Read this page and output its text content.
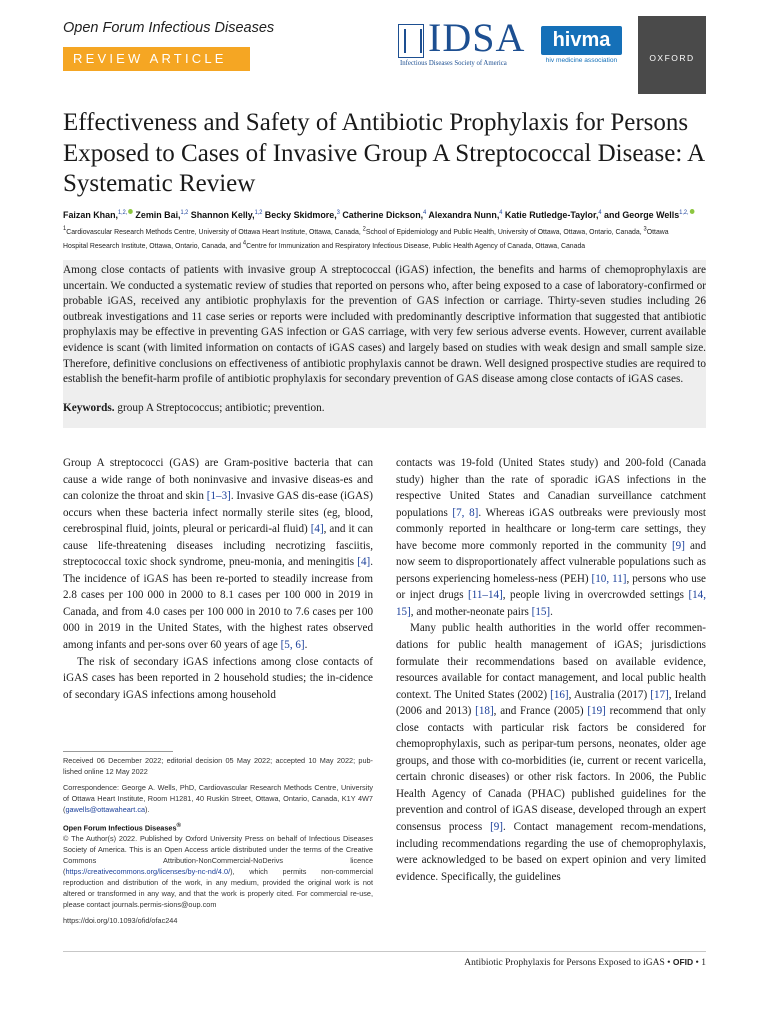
Open Forum Infectious Diseases
REVIEW ARTICLE	IDSA
Infectious Diseases Society of America
hivma
hiv medicine association	OXFORD
Effectiveness and Safety of Antibiotic Prophylaxis for Persons Exposed to Cases of Invasive Group A Streptococcal Disease: A Systematic Review
Faizan Khan,$^{1,2,}$ Zemin Bai,$^{1,2}$ Shannon Kelly,$^{1,2}$ Becky Skidmore,$^3$ Catherine Dickson,$^4$ Alexandra Nunn,$^4$ Katie Rutledge-Taylor,$^4$ and George Wells$^{1,2,}$

$^1$Cardiovascular Research Methods Centre, University of Ottawa Heart Institute, Ottawa, Canada, $^2$School of Epidemiology and Public Health, University of Ottawa, Ottawa, Ontario, Canada, $^3$Ottawa

Hospital Research Institute, Ottawa, Ontario, Canada, and $^4$Centre for Immunization and Respiratory Infectious Disease, Public Health Agency of Canada, Ottawa, Canada

Among close contacts of patients with invasive group A streptococcal (iGAS) infection, the benefits and harms of chemoprophylaxis are uncertain. We conducted a systematic review of studies that reported on persons who, after being exposed to a case of laboratory-confirmed or probable iGAS, received any antibiotic prophylaxis for the prevention of GAS infection or carriage. Thirty-seven studies including 26 outbreak investigations and 11 case series or reports were included with predominantly descriptive information that suggested that antibiotic prophylaxis may be effective in preventing GAS infection or GAS carriage, with very few serious adverse events. However, current available evidence is scant (with limited information on contacts of iGAS cases) and largely based on studies with weak design and small sample size. Therefore, definitive conclusions on effectiveness of antibiotic prophylaxis cannot be drawn. Well designed prospective studies are required to establish the benefit-harm profile of antibiotic prophylaxis for secondary prevention of GAS disease among close contacts of iGAS cases.

Keywords. group A Streptococcus; antibiotic; prevention.

Group A streptococci (GAS) are Gram-positive bacteria that can cause a wide range of both noninvasive and invasive diseas-es and can colonize the throat and skin [1–3]. Invasive GAS dis-ease (iGAS) occurs when these bacteria infect normally sterile sites (eg, blood, cerebrospinal fluid, joints, pleural or pericardi-al fluid) [4], and it can cause life-threatening diseases including necrotizing fasciitis, streptococcal toxic shock syndrome, pneu-monia, and meningitis [4]. The incidence of iGAS has been re-ported to steadily increase from 2.8 cases per 100 000 in 2000 to 8.1 cases per 100 000 in 2019 in Canada, and from 4.0 cases per 100 000 in 2010 to 7.6 cases per 100 000 in 2019 in the United States, with the highest rates observed among infants and per-sons over 60 years of age [5, 6].

The risk of secondary iGAS infections among close contacts of iGAS cases has been reported in 2 household studies; the in-cidence of secondary iGAS infections among household

contacts was 19-fold (United States study) and 200-fold (Canada study) higher than the rate of sporadic iGAS infections in the respective United States and Canadian surveillance catchment populations [7, 8]. Whereas iGAS outbreaks were previously most commonly reported in healthcare or long-term care settings, they have become more commonly reported in the community [9] and now seem to disproportionately affect vulnerable populations such as persons experiencing homeless-ness (PEH) [10, 11], persons who use or inject drugs [11–14], people living in overcrowded settings [14, 15], and mother-neonate pairs [15].

Many public health authorities in the world offer recommen-dations for public health management of iGAS; jurisdictions formulate their recommendations based on available evidence, resources available for contact management, and local public health context. The United States (2002) [16], Australia (2017) [17], Ireland (2006 and 2013) [18], and France (2005) [19] recommend that only close contacts with particular risk factors be considered for chemoprophylaxis, such as peripar-tum persons, neonates, older age groups, and those with co-morbidities (ie, current or recent varicella, certain chronic diseases) or other risk factors. In 2006, the Public Health Agency of Canada (PHAC) published guidelines for the prevention and control of iGAS disease, developed through an expert consensus process [9]. Contact management recom-mendations, including recommendations regarding the use of chemoprophylaxis, were acknowledged to be based on expert opinion and very limited evidence. Specifically, the guidelines

Received 06 December 2022; editorial decision 05 May 2022; accepted 10 May 2022; pub-lished online 12 May 2022

Correspondence: George A. Wells, PhD, Cardiovascular Research Methods Centre, University of Ottawa Heart Institute, Room H1281, 40 Ruskin Street, Ottawa, Ontario, Canada, K1Y 4W7 (gawells@ottawaheart.ca).

Open Forum Infectious Diseases®

© The Author(s) 2022. Published by Oxford University Press on behalf of Infectious Diseases Society of America. This is an Open Access article distributed under the terms of the Creative Commons Attribution-NonCommercial-NoDerivs licence (https://creativecommons.org/licenses/by-nc-nd/4.0/), which permits non-commercial reproduction and distribution of the work, in any medium, provided the original work is not altered or transformed in any way, and that the work is properly cited. For commercial re-use, please contact journals.permis-sions@oup.com

https://doi.org/10.1093/ofid/ofac244

Antibiotic Prophylaxis for Persons Exposed to iGAS • OFID • 1
